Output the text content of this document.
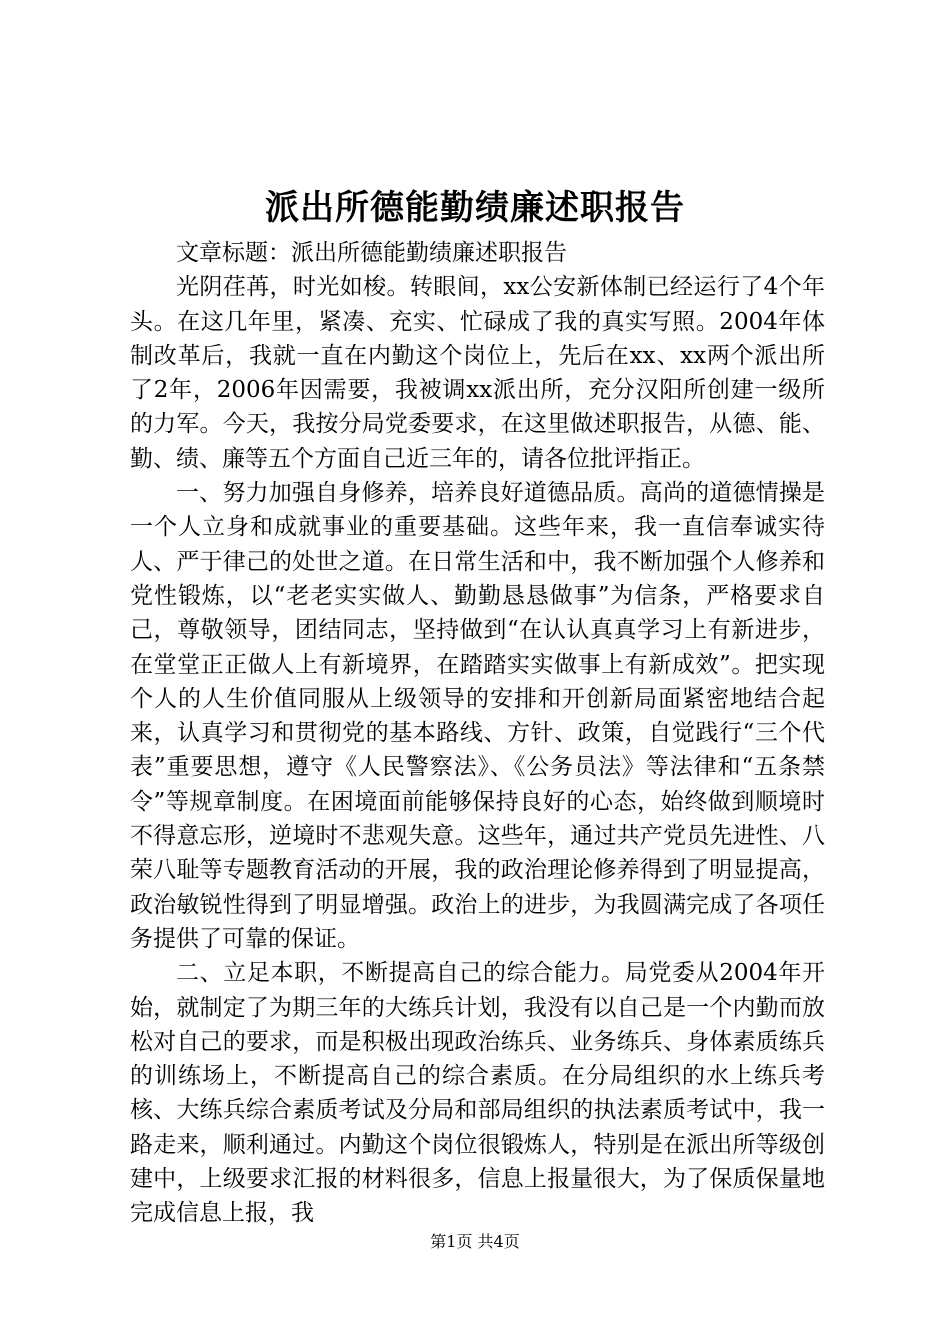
派出所德能勤绩廉述职报告

文章标题：派出所德能勤绩廉述职报告

光阴荏苒，时光如梭。转眼间，xx公安新体制已经运行了4个年头。在这几年里，紧凑、充实、忙碌成了我的真实写照。2004年体制改革后，我就一直在内勤这个岗位上，先后在xx、xx两个派出所了2年，2006年因需要，我被调xx派出所，充分汉阳所创建一级所的力军。今天，我按分局党委要求，在这里做述职报告，从德、能、勤、绩、廉等五个方面自己近三年的，请各位批评指正。

一、努力加强自身修养，培养良好道德品质。高尚的道德情操是一个人立身和成就事业的重要基础。这些年来，我一直信奉诚实待人、严于律己的处世之道。在日常生活和中，我不断加强个人修养和党性锻炼，以“老老实实做人、勤勤恳恳做事”为信条，严格要求自己，尊敬领导，团结同志，坚持做到“在认认真真学习上有新进步，在堂堂正正做人上有新境界，在踏踏实实做事上有新成效”。把实现个人的人生价值同服从上级领导的安排和开创新局面紧密地结合起来，认真学习和贯彻党的基本路线、方针、政策，自觉践行“三个代表”重要思想，遵守《人民警察法》、《公务员法》等法律和“五条禁令”等规章制度。在困境面前能够保持良好的心态，始终做到顺境时不得意忘形，逆境时不悲观失意。这些年，通过共产党员先进性、八荣八耻等专题教育活动的开展，我的政治理论修养得到了明显提高，政治敏锐性得到了明显增强。政治上的进步，为我圆满完成了各项任务提供了可靠的保证。

二、立足本职，不断提高自己的综合能力。局党委从2004年开始，就制定了为期三年的大练兵计划，我没有以自己是一个内勤而放松对自己的要求，而是积极出现政治练兵、业务练兵、身体素质练兵的训练场上，不断提高自己的综合素质。在分局组织的水上练兵考核、大练兵综合素质考试及分局和部局组织的执法素质考试中，我一路走来，顺利通过。内勤这个岗位很锻炼人，特别是在派出所等级创建中，上级要求汇报的材料很多，信息上报量很大，为了保质保量地完成信息上报，我

第1页 共4页
